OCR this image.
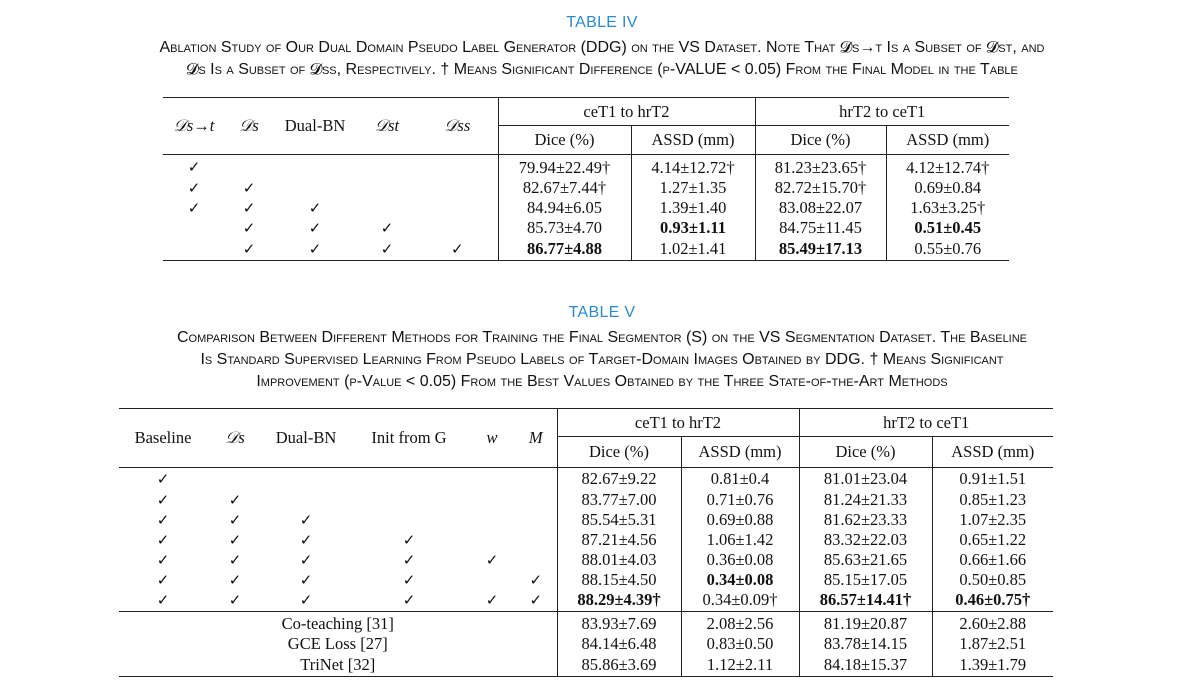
TABLE IV
Ablation Study of Our Dual Domain Pseudo Label Generator (DDG) on the VS Dataset. Note That 𝓓s→t Is a Subset of 𝓓st, and
𝓓s Is a Subset of 𝓓ss, Respectively. † Means Significant Difference (p-VALUE < 0.05) From the Final Model in the Table
𝒟s→t	𝒟s	Dual-BN	𝒟st	𝒟ss	ceT1 to hrT2		hrT2 to ceT1	
					Dice (%)	ASSD (mm)	Dice (%)	ASSD (mm)
✓					79.94±22.49†	4.14±12.72†	81.23±23.65†	4.12±12.74†
✓	✓				82.67±7.44†	1.27±1.35	82.72±15.70†	0.69±0.84
✓	✓	✓			84.94±6.05	1.39±1.40	83.08±22.07	1.63±3.25†
	✓	✓	✓		85.73±4.70	0.93±1.11	84.75±11.45	0.51±0.45
	✓	✓	✓	✓	86.77±4.88	1.02±1.41	85.49±17.13	0.55±0.76
TABLE V
Comparison Between Different Methods for Training the Final Segmentor (S) on the VS Segmentation Dataset. The Baseline
Is Standard Supervised Learning From Pseudo Labels of Target-Domain Images Obtained by DDG. † Means Significant
Improvement (p-Value < 0.05) From the Best Values Obtained by the Three State-of-the-Art Methods
Baseline	𝒟s	Dual-BN	Init from G	w	M	ceT1 to hrT2		hrT2 to ceT1	
						Dice (%)	ASSD (mm)	Dice (%)	ASSD (mm)
✓						82.67±9.22	0.81±0.4	81.01±23.04	0.91±1.51
✓	✓					83.77±7.00	0.71±0.76	81.24±21.33	0.85±1.23
✓	✓	✓				85.54±5.31	0.69±0.88	81.62±23.33	1.07±2.35
✓	✓	✓	✓			87.21±4.56	1.06±1.42	83.32±22.03	0.65±1.22
✓	✓	✓	✓	✓		88.01±4.03	0.36±0.08	85.63±21.65	0.66±1.66
✓	✓	✓	✓		✓	88.15±4.50	0.34±0.08	85.15±17.05	0.50±0.85
✓	✓	✓	✓	✓	✓	88.29±4.39†	0.34±0.09†	86.57±14.41†	0.46±0.75†
Co-teaching [31]						83.93±7.69	2.08±2.56	81.19±20.87	2.60±2.88
GCE Loss [27]						84.14±6.48	0.83±0.50	83.78±14.15	1.87±2.51
TriNet [32]						85.86±3.69	1.12±2.11	84.18±15.37	1.39±1.79
